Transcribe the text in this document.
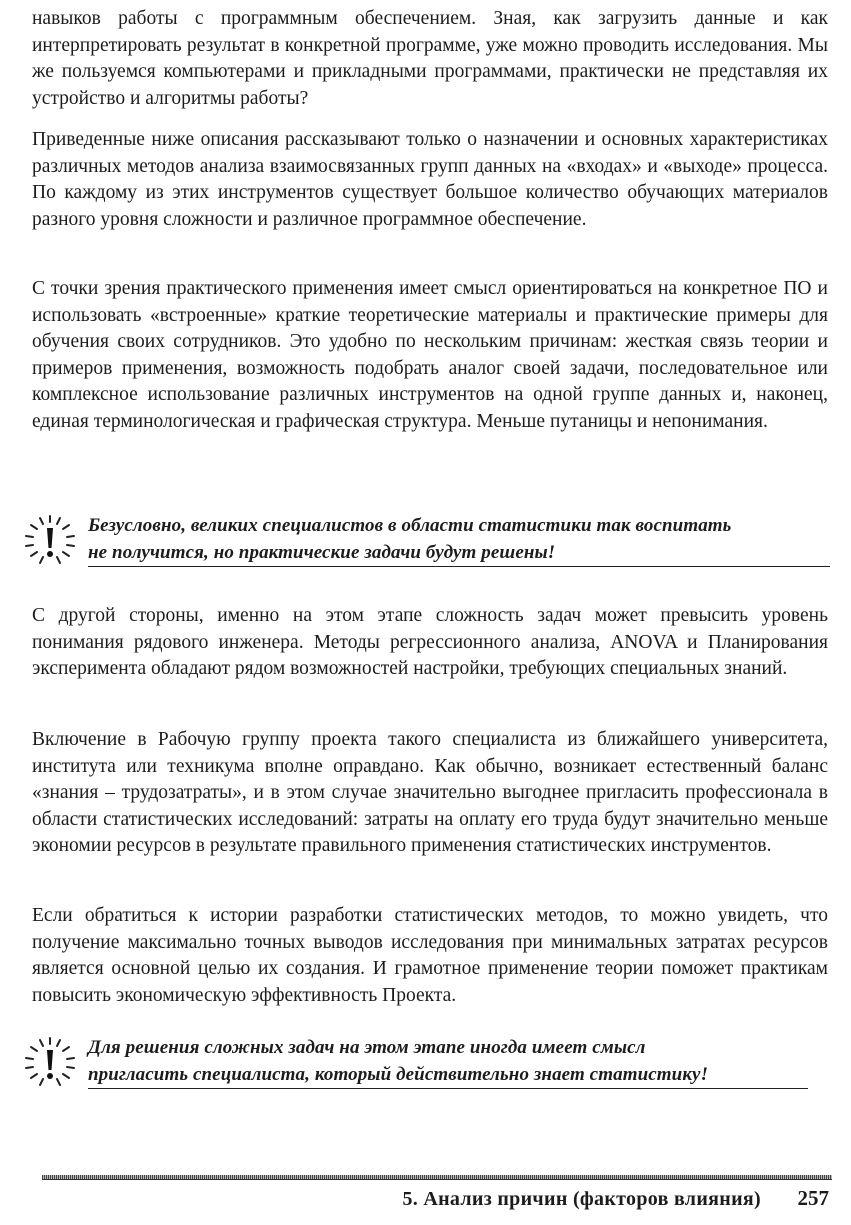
навыков работы с программным обеспечением. Зная, как загрузить данные и как интерпретировать результат в конкретной программе, уже можно проводить исследования. Мы же пользуемся компьютерами и прикладными программами, практически не представляя их устройство и алгоритмы работы?

Приведенные ниже описания рассказывают только о назначении и основных характеристиках различных методов анализа взаимосвязанных групп данных на «входах» и «выходе» процесса. По каждому из этих инструментов существует большое количество обучающих материалов разного уровня сложности и различное программное обеспечение.

С точки зрения практического применения имеет смысл ориентироваться на конкретное ПО и использовать «встроенные» краткие теоретические материалы и практические примеры для обучения своих сотрудников. Это удобно по нескольким причинам: жесткая связь теории и примеров применения, возможность подобрать аналог своей задачи, последовательное или комплексное использование различных инструментов на одной группе данных и, наконец, единая терминологическая и графическая структура. Меньше путаницы и непонимания.

Безусловно, великих специалистов в области статистики так воспитать
не получится, но практические задачи будут решены!

С другой стороны, именно на этом этапе сложность задач может превысить уровень понимания рядового инженера. Методы регрессионного анализа, ANOVA и Планирования эксперимента обладают рядом возможностей настройки, требующих специальных знаний.

Включение в Рабочую группу проекта такого специалиста из ближайшего университета, института или техникума вполне оправдано. Как обычно, возникает естественный баланс «знания – трудозатраты», и в этом случае значительно выгоднее пригласить профессионала в области статистических исследований: затраты на оплату его труда будут значительно меньше экономии ресурсов в результате правильного применения статистических инструментов.

Если обратиться к истории разработки статистических методов, то можно увидеть, что получение максимально точных выводов исследования при минимальных затратах ресурсов является основной целью их создания. И грамотное применение теории поможет практикам повысить экономическую эффективность Проекта.

Для решения сложных задач на этом этапе иногда имеет смысл
пригласить специалиста, который действительно знает статистику!
5. Анализ причин (факторов влияния) 257
